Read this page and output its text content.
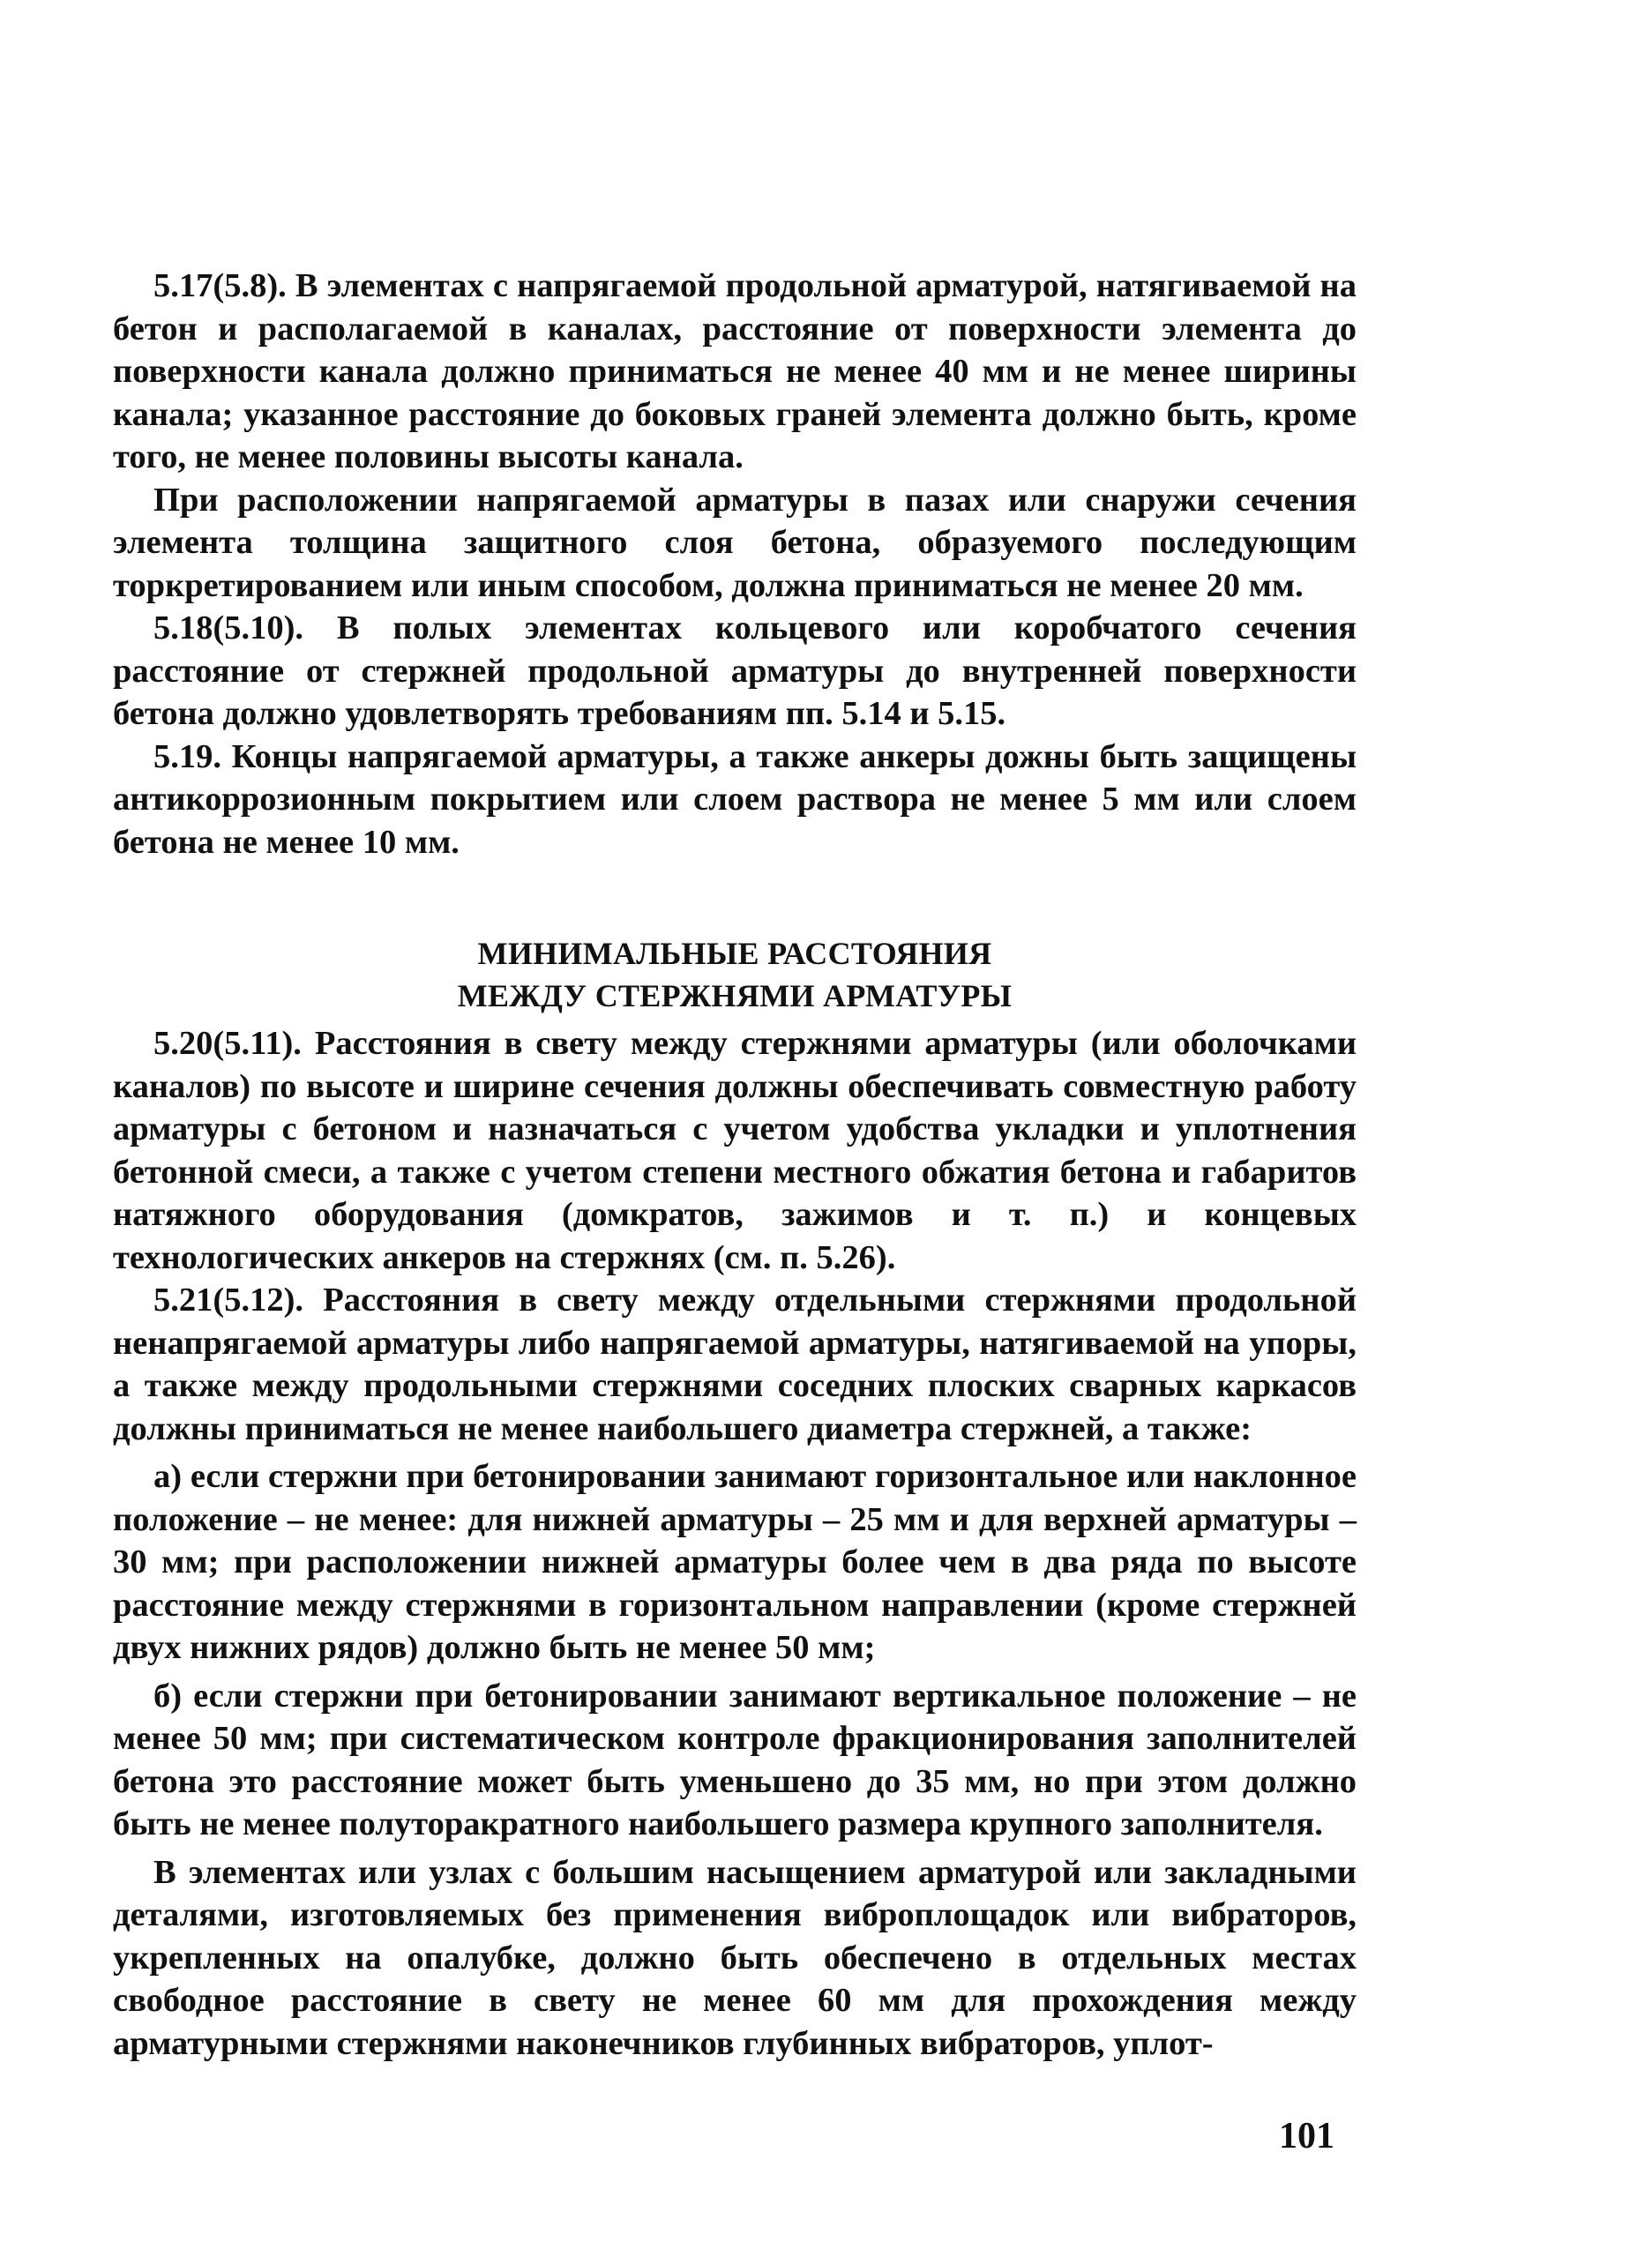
5.17(5.8). В элементах с напрягаемой продольной арматурой, натягиваемой на бетон и располагаемой в каналах, расстояние от поверхности элемента до поверхности канала должно приниматься не менее 40 мм и не менее ширины канала; указанное расстояние до боковых граней элемента должно быть, кроме того, не менее половины высоты канала.

При расположении напрягаемой арматуры в пазах или снаружи сечения элемента толщина защитного слоя бетона, образуемого последующим торкретированием или иным способом, должна приниматься не менее 20 мм.

5.18(5.10). В полых элементах кольцевого или коробчатого сечения расстояние от стержней продольной арматуры до внутренней поверхности бетона должно удовлетворять требованиям пп. 5.14 и 5.15.

5.19. Концы напрягаемой арматуры, а также анкеры дожны быть защищены антикоррозионным покрытием или слоем раствора не менее 5 мм или слоем бетона не менее 10 мм.

МИНИМАЛЬНЫЕ РАССТОЯНИЯ
МЕЖДУ СТЕРЖНЯМИ АРМАТУРЫ

5.20(5.11). Расстояния в свету между стержнями арматуры (или оболочками каналов) по высоте и ширине сечения должны обеспечивать совместную работу арматуры с бетоном и назначаться с учетом удобства укладки и уплотнения бетонной смеси, а также с учетом степени местного обжатия бетона и габаритов натяжного оборудования (домкратов, зажимов и т. п.) и концевых технологических анкеров на стержнях (см. п. 5.26).

5.21(5.12). Расстояния в свету между отдельными стержнями продольной ненапрягаемой арматуры либо напрягаемой арматуры, натягиваемой на упоры, а также между продольными стержнями соседних плоских сварных каркасов должны приниматься не менее наибольшего диаметра стержней, а также:

а) если стержни при бетонировании занимают горизонтальное или наклонное положение – не менее: для нижней арматуры – 25 мм и для верхней арматуры – 30 мм; при расположении нижней арматуры более чем в два ряда по высоте расстояние между стержнями в горизонтальном направлении (кроме стержней двух нижних рядов) должно быть не менее 50 мм;

б) если стержни при бетонировании занимают вертикальное положение – не менее 50 мм; при систематическом контроле фракционирования заполнителей бетона это расстояние может быть уменьшено до 35 мм, но при этом должно быть не менее полуторакратного наибольшего размера крупного заполнителя.

В элементах или узлах с большим насыщением арматурой или закладными деталями, изготовляемых без применения виброплощадок или вибраторов, укрепленных на опалубке, должно быть обеспечено в отдельных местах свободное расстояние в свету не менее 60 мм для прохождения между арматурными стержнями наконечников глубинных вибраторов, уплот-

101
